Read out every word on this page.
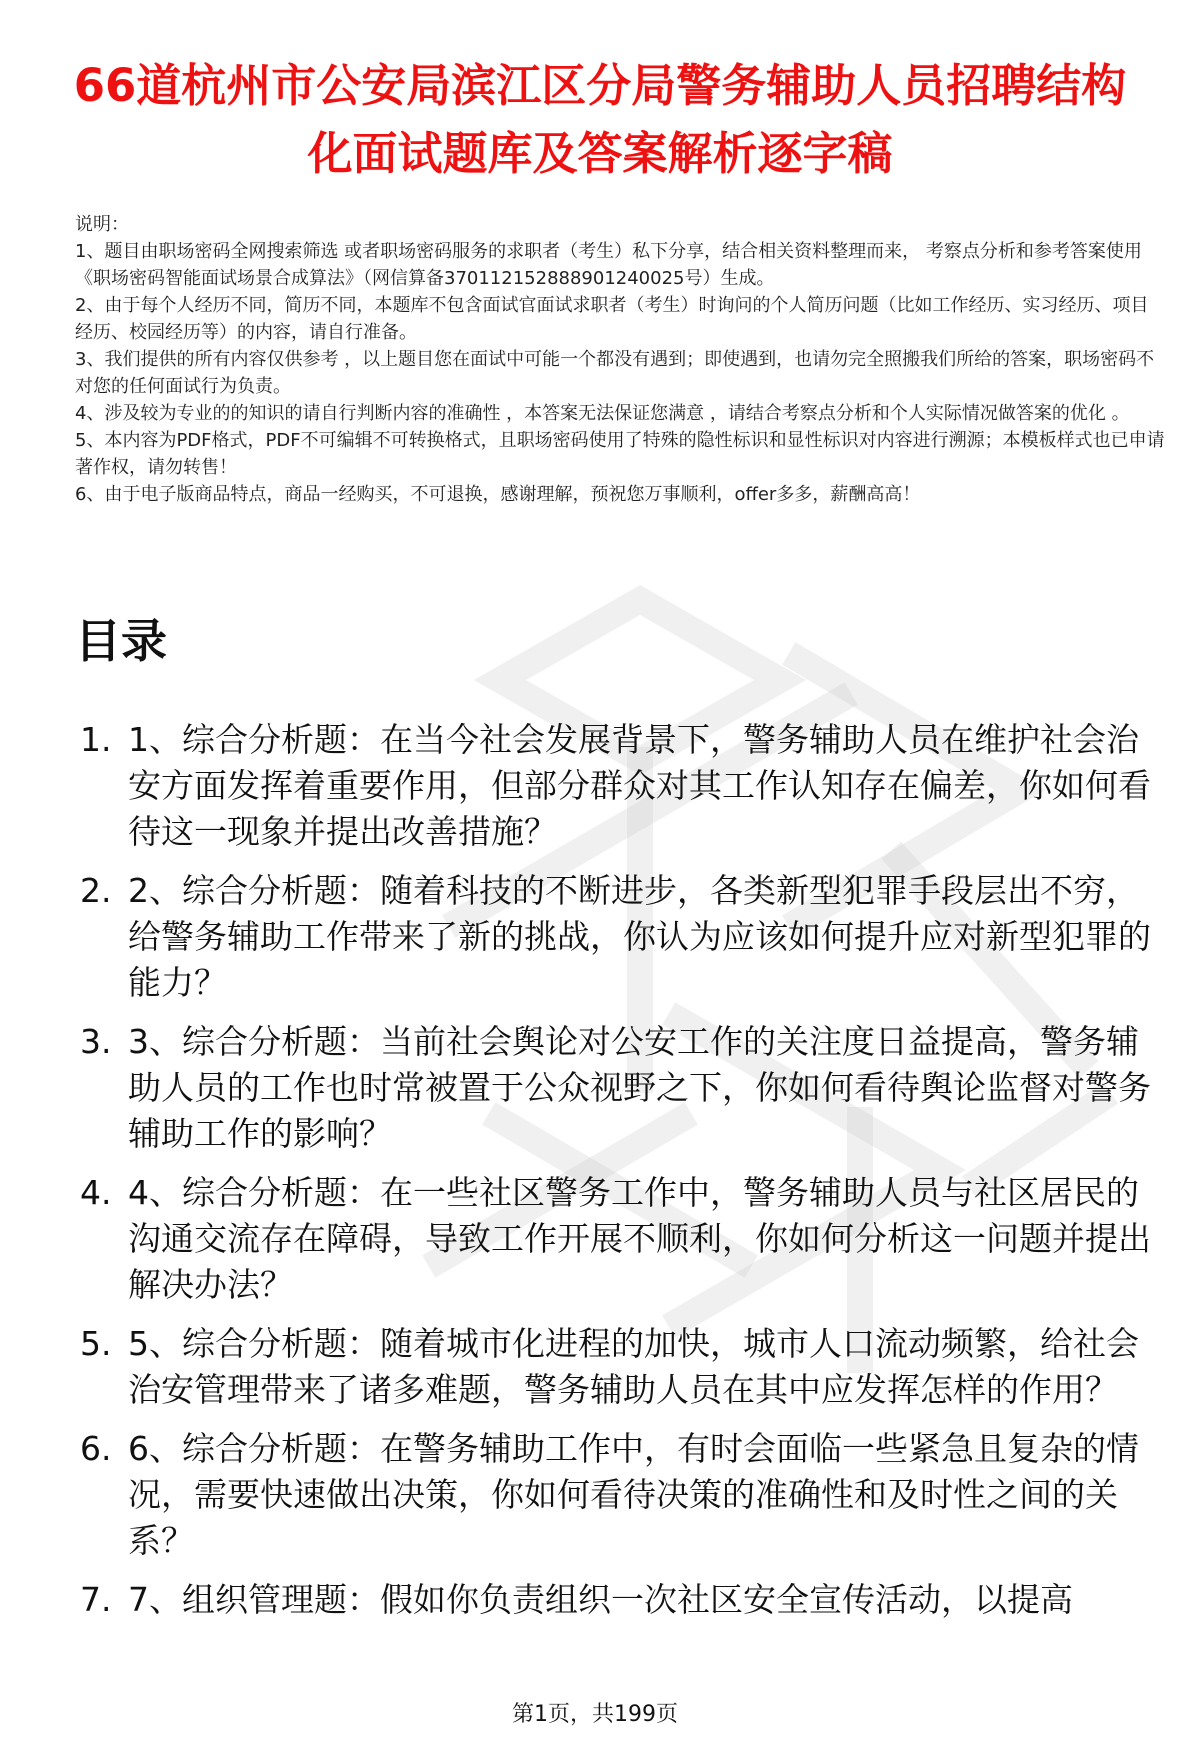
66道杭州市公安局滨江区分局警务辅助人员招聘结构化面试题库及答案解析逐字稿

说明：

1、题目由职场密码全网搜索筛选 或者职场密码服务的求职者（考生）私下分享，结合相关资料整理而来， 考察点分析和参考答案使用《职场密码智能面试场景合成算法》（网信算备370112152888901240025号）生成。

2、由于每个人经历不同，简历不同，本题库不包含面试官面试求职者（考生）时询问的个人简历问题（比如工作经历、实习经历、项目经历、校园经历等）的内容，请自行准备。

3、我们提供的所有内容仅供参考 ，以上题目您在面试中可能一个都没有遇到；即使遇到，也请勿完全照搬我们所给的答案，职场密码不对您的任何面试行为负责。

4、涉及较为专业的的知识的请自行判断内容的准确性 ，本答案无法保证您满意 ，请结合考察点分析和个人实际情况做答案的优化 。

5、本内容为PDF格式，PDF不可编辑不可转换格式，且职场密码使用了特殊的隐性标识和显性标识对内容进行溯源；本模板样式也已申请著作权，请勿转售！

6、由于电子版商品特点，商品一经购买，不可退换，感谢理解，预祝您万事顺利，offer多多，薪酬高高！

目录
1. 1、综合分析题：在当今社会发展背景下，警务辅助人员在维护社会治安方面发挥着重要作用，但部分群众对其工作认知存在偏差，你如何看待这一现象并提出改善措施？
2. 2、综合分析题：随着科技的不断进步，各类新型犯罪手段层出不穷，给警务辅助工作带来了新的挑战，你认为应该如何提升应对新型犯罪的能力？
3. 3、综合分析题：当前社会舆论对公安工作的关注度日益提高，警务辅助人员的工作也时常被置于公众视野之下，你如何看待舆论监督对警务辅助工作的影响？
4. 4、综合分析题：在一些社区警务工作中，警务辅助人员与社区居民的沟通交流存在障碍，导致工作开展不顺利，你如何分析这一问题并提出解决办法？
5. 5、综合分析题：随着城市化进程的加快，城市人口流动频繁，给社会治安管理带来了诸多难题，警务辅助人员在其中应发挥怎样的作用？
6. 6、综合分析题：在警务辅助工作中，有时会面临一些紧急且复杂的情况，需要快速做出决策，你如何看待决策的准确性和及时性之间的关系？
7. 7、组织管理题：假如你负责组织一次社区安全宣传活动，以提高
第1页，共199页
